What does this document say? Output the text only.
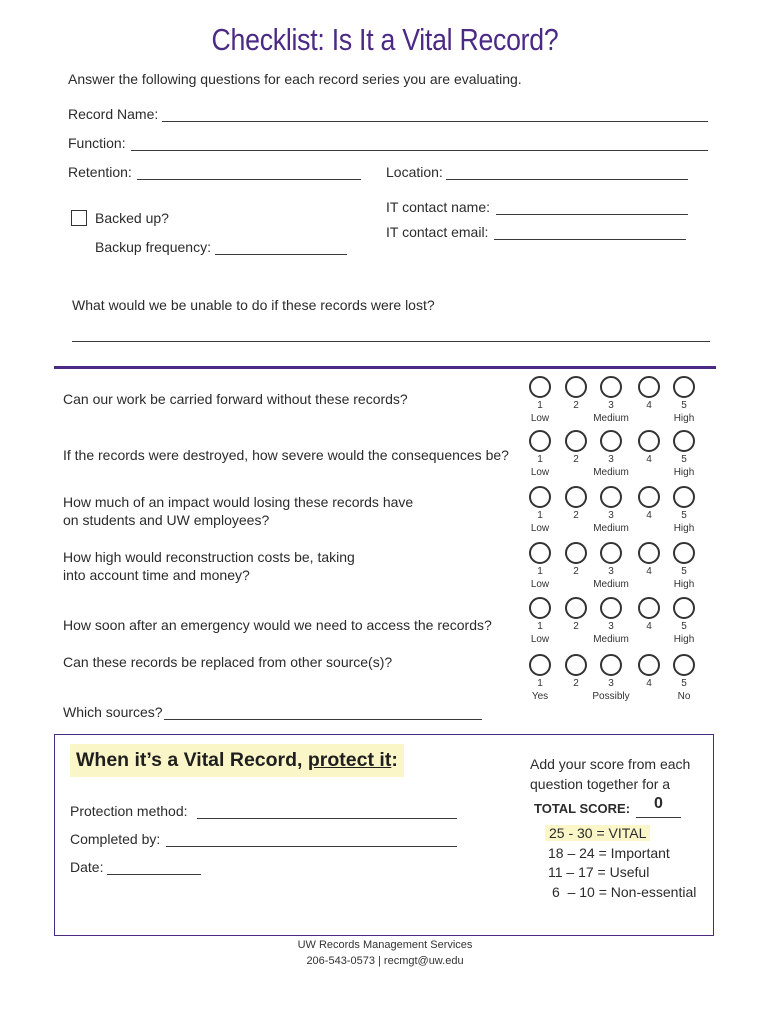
Checklist: Is It a Vital Record?
Answer the following questions for each record series you are evaluating.
Record Name:
Function:
Retention:	Location:
Backed up?
Backup frequency:
IT contact name:
IT contact email:
What would we be unable to do if these records were lost?
Can our work be carried forward without these records?	1	2	3	4	5
Low	Medium	High
If the records were destroyed, how severe would the consequences be?	1	2	3	4	5
Low	Medium	High
How much of an impact would losing these records have
on students and UW employees?	1	2	3	4	5
Low	Medium	High
How high would reconstruction costs be, taking
into account time and money?	1	2	3	4	5
Low	Medium	High
How soon after an emergency would we need to access the records?	1	2	3	4	5
Low	Medium	High
Can these records be replaced from other source(s)?
1	2	3	4	5
Yes	Possibly	No
Which sources?
When it’s a Vital Record, protect it:
Protection method:
Completed by:
Date:
Add your score from each
question together for a
TOTAL SCORE:	0
25 - 30 = VITAL
18 – 24 = Important
11 – 17 = Useful
6  – 10 = Non-essential
UW Records Management Services
206-543-0573 | recmgt@uw.edu
